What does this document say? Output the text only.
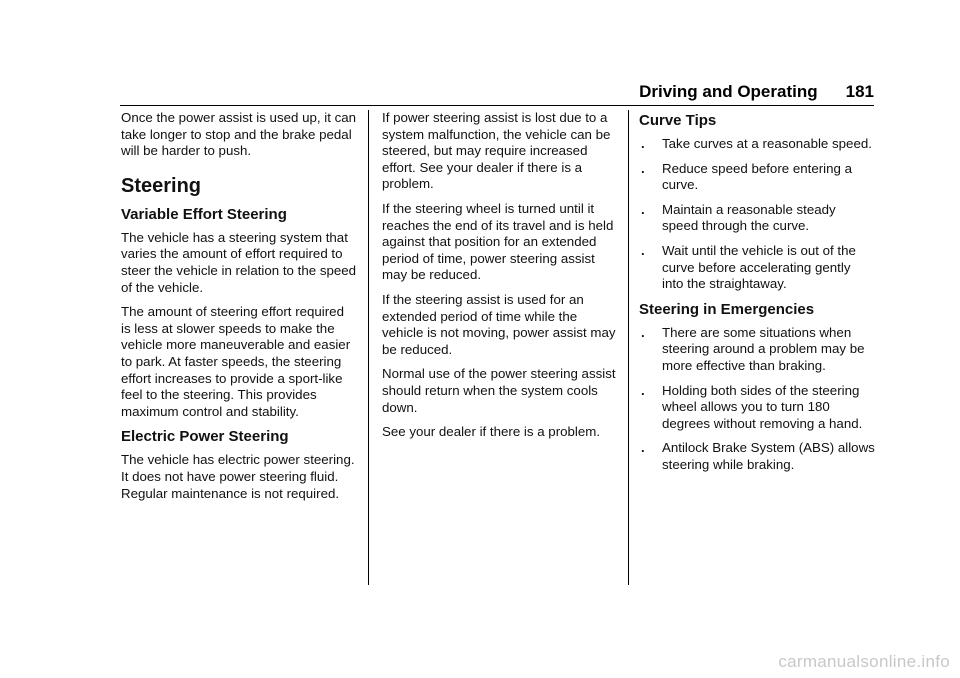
Driving and Operating 181

Once the power assist is used up, it can take longer to stop and the brake pedal will be harder to push.

Steering
Variable Effort Steering

The vehicle has a steering system that varies the amount of effort required to steer the vehicle in relation to the speed of the vehicle.

The amount of steering effort required is less at slower speeds to make the vehicle more maneuverable and easier to park. At faster speeds, the steering effort increases to provide a sport-like feel to the steering. This provides maximum control and stability.

Electric Power Steering

The vehicle has electric power steering. It does not have power steering fluid. Regular maintenance is not required.

If power steering assist is lost due to a system malfunction, the vehicle can be steered, but may require increased effort. See your dealer if there is a problem.

If the steering wheel is turned until it reaches the end of its travel and is held against that position for an extended period of time, power steering assist may be reduced.

If the steering assist is used for an extended period of time while the vehicle is not moving, power assist may be reduced.

Normal use of the power steering assist should return when the system cools down.

See your dealer if there is a problem.

Curve Tips
. Take curves at a reasonable speed.
. Reduce speed before entering a curve.
. Maintain a reasonable steady speed through the curve.
. Wait until the vehicle is out of the curve before accelerating gently into the straightaway.
Steering in Emergencies
. There are some situations when steering around a problem may be more effective than braking.
. Holding both sides of the steering wheel allows you to turn 180 degrees without removing a hand.
. Antilock Brake System (ABS) allows steering while braking.
carmanualsonline.info
